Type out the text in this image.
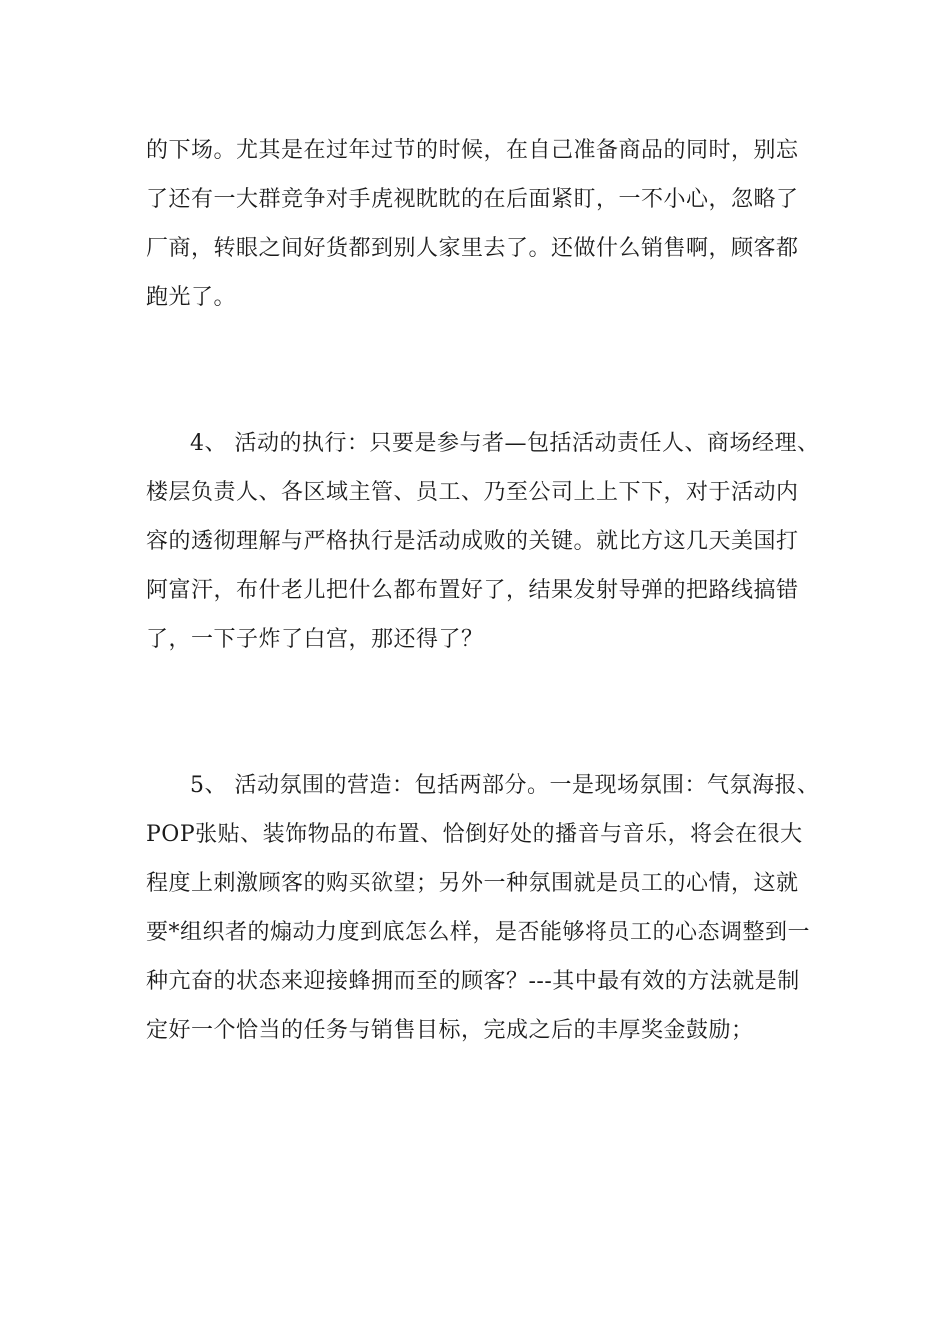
的下场。尤其是在过年过节的时候，在自己准备商品的同时，别忘
了还有一大群竞争对手虎视眈眈的在后面紧盯，一不小心，忽略了
厂商，转眼之间好货都到别人家里去了。还做什么销售啊，顾客都
跑光了。
4、 活动的执行：只要是参与者—包括活动责任人、商场经理、
楼层负责人、各区域主管、员工、乃至公司上上下下，对于活动内
容的透彻理解与严格执行是活动成败的关键。就比方这几天美国打
阿富汗，布什老儿把什么都布置好了，结果发射导弹的把路线搞错
了，一下子炸了白宫，那还得了？
5、 活动氛围的营造：包括两部分。一是现场氛围：气氛海报、
POP张贴、装饰物品的布置、恰倒好处的播音与音乐，将会在很大
程度上刺激顾客的购买欲望；另外一种氛围就是员工的心情，这就
要*组织者的煽动力度到底怎么样，是否能够将员工的心态调整到一
种亢奋的状态来迎接蜂拥而至的顾客？---其中最有效的方法就是制
定好一个恰当的任务与销售目标，完成之后的丰厚奖金鼓励；
